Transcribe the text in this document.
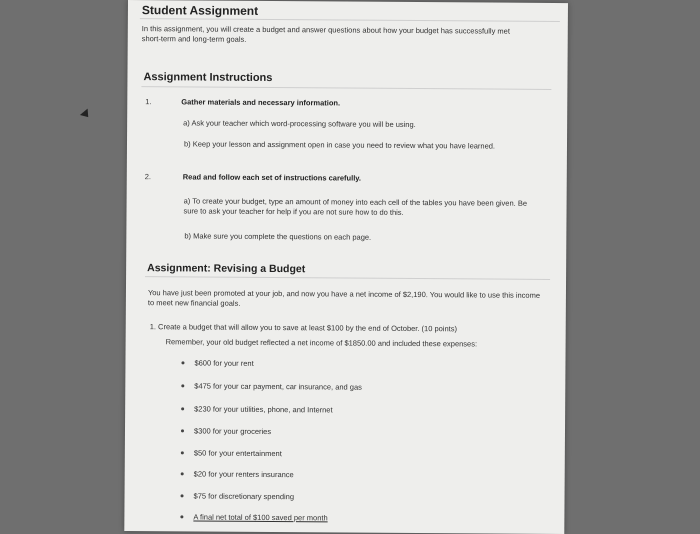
Student Assignment
In this assignment, you will create a budget and answer questions about how your budget has successfully met short-term and long-term goals.
Assignment Instructions
1.	Gather materials and necessary information.
a) Ask your teacher which word-processing software you will be using.
b) Keep your lesson and assignment open in case you need to review what you have learned.
2.	Read and follow each set of instructions carefully.
a) To create your budget, type an amount of money into each cell of the tables you have been given. Be sure to ask your teacher for help if you are not sure how to do this.
b) Make sure you complete the questions on each page.
Assignment: Revising a Budget
You have just been promoted at your job, and now you have a net income of $2,190. You would like to use this income to meet new financial goals.
1. Create a budget that will allow you to save at least $100 by the end of October. (10 points)
Remember, your old budget reflected a net income of $1850.00 and included these expenses:
$600 for your rent
$475 for your car payment, car insurance, and gas
$230 for your utilities, phone, and Internet
$300 for your groceries
$50 for your entertainment
$20 for your renters insurance
$75 for discretionary spending
A final net total of $100 saved per month
